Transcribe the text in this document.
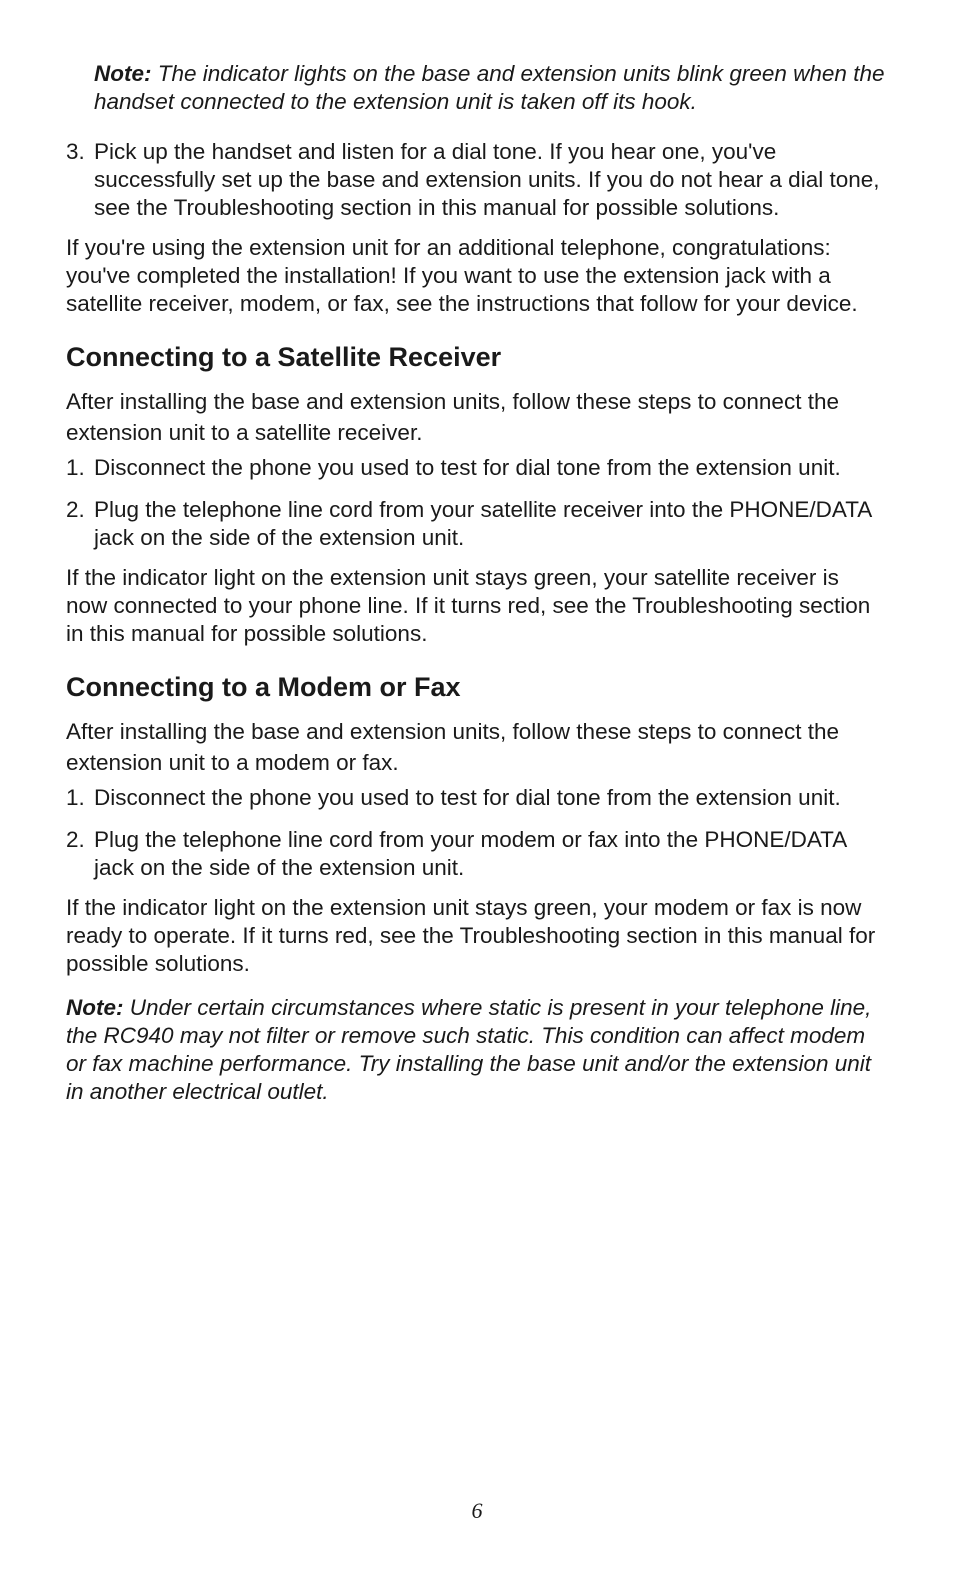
Note: The indicator lights on the base and extension units blink green when the handset connected to the extension unit is taken off its hook.

3. Pick up the handset and listen for a dial tone. If you hear one, you've successfully set up the base and extension units. If you do not hear a dial tone, see the Troubleshooting section in this manual for possible solutions.

If you're using the extension unit for an additional telephone, congratulations: you've completed the installation! If you want to use the extension jack with a satellite receiver, modem, or fax, see the instructions that follow for your device.

Connecting to a Satellite Receiver

After installing the base and extension units, follow these steps to connect the extension unit to a satellite receiver.

1. Disconnect the phone you used to test for dial tone from the extension unit.
2. Plug the telephone line cord from your satellite receiver into the PHONE/DATA jack on the side of the extension unit.

If the indicator light on the extension unit stays green, your satellite receiver is now connected to your phone line. If it turns red, see the Troubleshooting section in this manual for possible solutions.

Connecting to a Modem or Fax

After installing the base and extension units, follow these steps to connect the extension unit to a modem or fax.

1. Disconnect the phone you used to test for dial tone from the extension unit.
2. Plug the telephone line cord from your modem or fax into the PHONE/DATA jack on the side of the extension unit.

If the indicator light on the extension unit stays green, your modem or fax is now ready to operate. If it turns red, see the Troubleshooting section in this manual for possible solutions.

Note: Under certain circumstances where static is present in your telephone line, the RC940 may not filter or remove such static. This condition can affect modem or fax machine performance. Try installing the base unit and/or the extension unit in another electrical outlet.

6
